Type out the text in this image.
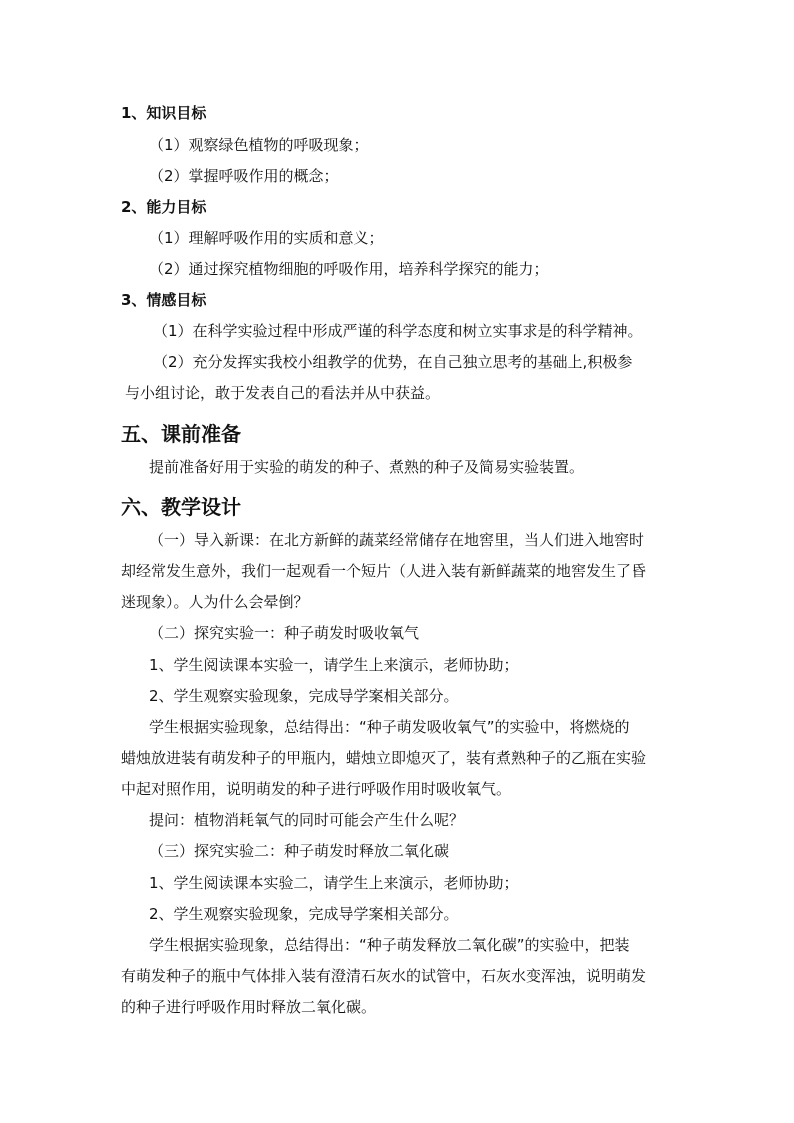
1、知识目标
（1）观察绿色植物的呼吸现象；
（2）掌握呼吸作用的概念；
2、能力目标
（1）理解呼吸作用的实质和意义；
（2）通过探究植物细胞的呼吸作用，培养科学探究的能力；
3、情感目标
（1）在科学实验过程中形成严谨的科学态度和树立实事求是的科学精神。
（2）充分发挥实我校小组教学的优势，在自己独立思考的基础上,积极参
与小组讨论，敢于发表自己的看法并从中获益。
五、课前准备
提前准备好用于实验的萌发的种子、煮熟的种子及简易实验装置。
六、教学设计
（一）导入新课：在北方新鲜的蔬菜经常储存在地窖里，当人们进入地窖时
却经常发生意外，我们一起观看一个短片（人进入装有新鲜蔬菜的地窖发生了昏
迷现象）。人为什么会晕倒？
（二）探究实验一：种子萌发时吸收氧气
1、学生阅读课本实验一，请学生上来演示，老师协助；
2、学生观察实验现象，完成导学案相关部分。
学生根据实验现象，总结得出：“种子萌发吸收氧气”的实验中，将燃烧的
蜡烛放进装有萌发种子的甲瓶内，蜡烛立即熄灭了，装有煮熟种子的乙瓶在实验
中起对照作用，说明萌发的种子进行呼吸作用时吸收氧气。
提问：植物消耗氧气的同时可能会产生什么呢？
（三）探究实验二：种子萌发时释放二氧化碳
1、学生阅读课本实验二，请学生上来演示，老师协助；
2、学生观察实验现象，完成导学案相关部分。
学生根据实验现象，总结得出：“种子萌发释放二氧化碳”的实验中，把装
有萌发种子的瓶中气体排入装有澄清石灰水的试管中，石灰水变浑浊，说明萌发
的种子进行呼吸作用时释放二氧化碳。
